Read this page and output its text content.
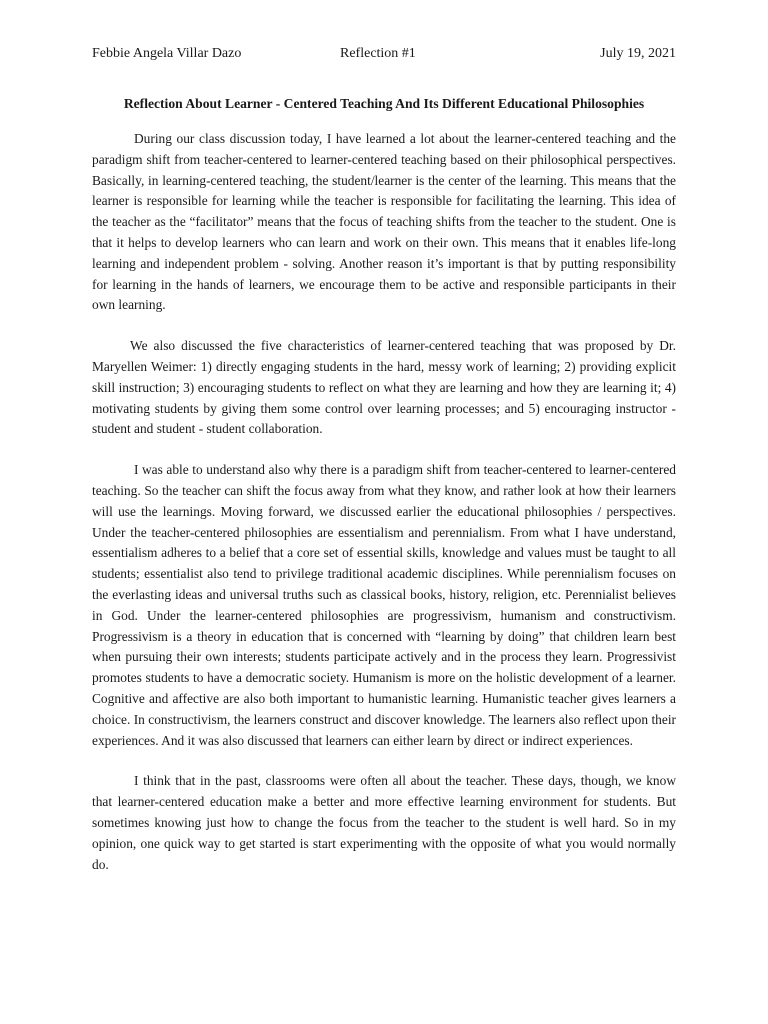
Febbie Angela Villar Dazo	Reflection #1	July 19, 2021
Reflection About Learner - Centered Teaching And Its Different Educational Philosophies

During our class discussion today, I have learned a lot about the learner-centered teaching and the paradigm shift from teacher-centered to learner-centered teaching based on their philosophical perspectives. Basically, in learning-centered teaching, the student/learner is the center of the learning. This means that the learner is responsible for learning while the teacher is responsible for facilitating the learning. This idea of the teacher as the “facilitator” means that the focus of teaching shifts from the teacher to the student. One is that it helps to develop learners who can learn and work on their own. This means that it enables life-long learning and independent problem - solving. Another reason it’s important is that by putting responsibility for learning in the hands of learners, we encourage them to be active and responsible participants in their own learning.

We also discussed the five characteristics of learner-centered teaching that was proposed by Dr. Maryellen Weimer: 1) directly engaging students in the hard, messy work of learning; 2) providing explicit skill instruction; 3) encouraging students to reflect on what they are learning and how they are learning it; 4) motivating students by giving them some control over learning processes; and 5) encouraging instructor - student and student - student collaboration.

I was able to understand also why there is a paradigm shift from teacher-centered to learner-centered teaching. So the teacher can shift the focus away from what they know, and rather look at how their learners will use the learnings. Moving forward, we discussed earlier the educational philosophies / perspectives. Under the teacher-centered philosophies are essentialism and perennialism. From what I have understand, essentialism adheres to a belief that a core set of essential skills, knowledge and values must be taught to all students; essentialist also tend to privilege traditional academic disciplines. While perennialism focuses on the everlasting ideas and universal truths such as classical books, history, religion, etc. Perennialist believes in God. Under the learner-centered philosophies are progressivism, humanism and constructivism. Progressivism is a theory in education that is concerned with “learning by doing” that children learn best when pursuing their own interests; students participate actively and in the process they learn. Progressivist promotes students to have a democratic society. Humanism is more on the holistic development of a learner. Cognitive and affective are also both important to humanistic learning. Humanistic teacher gives learners a choice. In constructivism, the learners construct and discover knowledge. The learners also reflect upon their experiences. And it was also discussed that learners can either learn by direct or indirect experiences.

I think that in the past, classrooms were often all about the teacher. These days, though, we know that learner-centered education make a better and more effective learning environment for students. But sometimes knowing just how to change the focus from the teacher to the student is well hard. So in my opinion, one quick way to get started is start experimenting with the opposite of what you would normally do.
